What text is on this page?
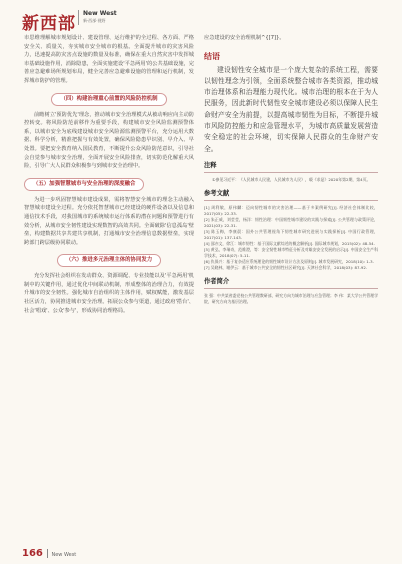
新西部
New West
新·西部·视野

市思维理解城市规划设计、建设管理、运行维护的全过程、各方面、严格安全关、质量关，夯实城市安全城市的根基。全面提升城市的灾害风险力，迅速提高防灾害点设施的数量及标准，确保在重大自然灾害中发挥城市基础设施作用，消除隐患，全面实施建设'平急两用'的公共基础设施，完善应急避难场所规划布局，健全完善应急避难设施的管理和运行机制，发挥城市防护的管理。

（四）构建治理重心前置的风险防控机制

前瞻树立'预防优先'理念，推动城市安全治理模式从被动响应向主动防控转变。将风险防范前移作为重要手段，构建城市安全风险监测预警体系，以城市安全为底线建设城市安全风险源监测预警平台，充分运用大数据、科学分析，精准把握与有效处置，确保风险隐患早识别、早介入、早处置。要把安全教育纳入国民教育，不断提升公众风险防范意识，引导社会自觉参与城市安全治理，全面开展安全风险排查，切实防范化解重大风险，引导广大人民群众积极参与到城市安全治理中。

（五）加强智慧城市与安全治理的深度融合

为进一步巩固智慧城市建设成果，需将智慧安全城市的理念主动融入智慧城市建设全过程。充分依托智慧城市已经建设的硬件设备以及信息和通信技术手段，对我国城市的系统城市运行体系的潜在问题和预警进行有效分析，从城市安全韧性建设实现数智的高效共同。全面破除'信息孤岛'壁垒，构建数据共享共建共享机制，打通城市安全治理信息数据壁垒，实现跨部门跨层级协同联动。

（六）推进多元治理主体的协同发力

充分发挥社会组织在发动群众、资源调配、专业技能以及'平急两用'机制中的关键作用，通过优化中间联动机制，形成整体的治理合力，有效提升城市的安全韧性。强化城市自治组织的主体作用，赋权赋能，激发基层社区活力，协同推进城市安全治理。拓展公众参与渠道，通过政府'搭台'、社会'唱戏'、公众'参与'，形成协同治理格局。

应急建设的安全治理机制^{[7]}。

结语

建设韧性安全城市是一个庞大复杂的系统工程，需要以韧性理念为引领，全面系统整合城市各类资源，推动城市治理体系和治理能力现代化。城市治理的根本在于为人民服务，因此新时代韧性安全城市建设必须以保障人民生命财产安全为前提，以提高城市韧性为目标，不断提升城市风险防控能力和应急管理水平，为城市高质量发展营造安全稳定的社会环境，切实保障人民群众的生命财产安全。

注释

①参见习近平：《人民城市人民建，人民城市为人民》，载《求是》2020年第2期，第4页。

参考文献

[1] 周利敏，原伟麟：迈向韧性城市的灾害治理——基于多案例研究[J]. 经济社会体制比较，2017(05): 22-33.

[2] 朱正威，刘莹莹，杨洋：韧性治理：中国韧性城市建设的实践与探索[J]. 公共管理与政策评论，2021(03): 22-31.

[3] 陈玉梅，李康晨：国外公共管理视角下韧性城市研究进展与实践探析[J]. 中国行政管理，2017(01): 137-143.

[4] 邵亦文，徐江：城市韧性：基于国际文献综述的概念解析[J]. 国际城市规划，2015(02): 48-54.

[5] 黄弘，李瑞奇，范维澄，等：安全韧性城市特征分析及对雄安安全发展的启示[J]. 中国安全生产科学技术，2018(07): 5-11.

[6] 仇保兴：基于复杂适应系统理论的韧性城市设计方法及原则[J]. 城市发展研究，2018(10): 1-3.

[7] 吴晓林，谢伊云：基于城市公共安全的韧性社区研究[J]. 天津社会科学，2018(03): 87-92.

作者简介

张 强：中共某省委党校公共管理教研部，研究方向为城市治理与应急管理；李 伟：某大学公共管理学院，研究方向为基层治理。

166 New West
